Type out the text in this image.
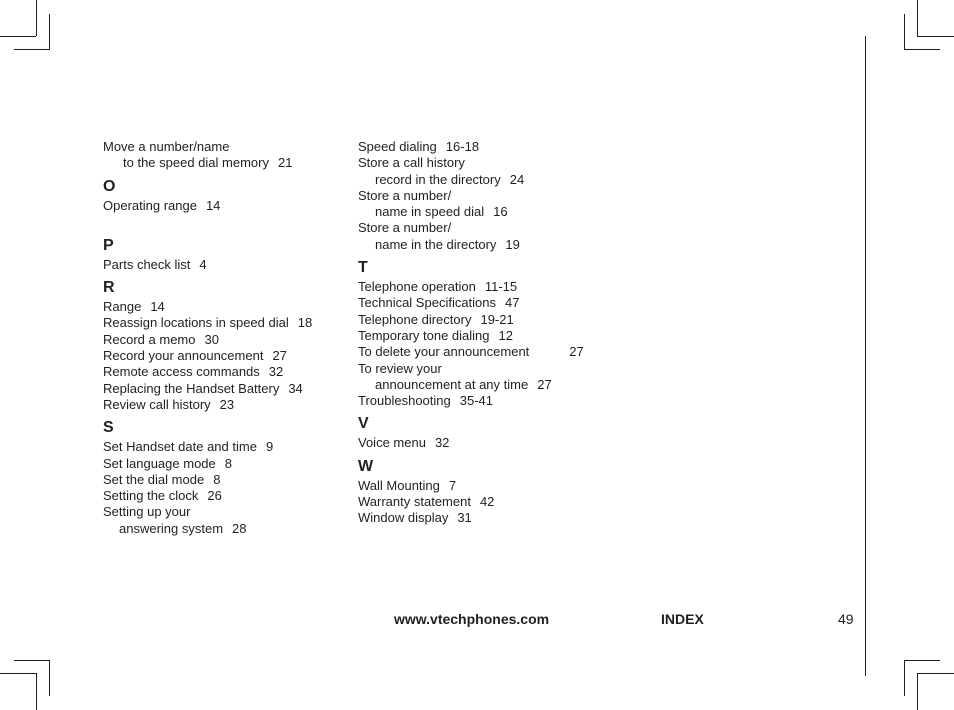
Move a number/name
to the speed dial memory 21
O
Operating range 14
P
Parts check list 4
R
Range 14
Reassign locations in speed dial 18
Record a memo 30
Record your announcement 27
Remote access commands 32
Replacing the Handset Battery 34
Review call history 23
S
Set Handset date and time 9
Set language mode 8
Set the dial mode 8
Setting the clock 26
Setting up your
answering system 28
Speed dialing 16-18
Store a call history
record in the directory 24
Store a number/
name in speed dial 16
Store a number/
name in the directory 19
T
Telephone operation 11-15
Technical Specifications 47
Telephone directory 19-21
Temporary tone dialing 12
To delete your announcement	27
To review your
announcement at any time 27
Troubleshooting 35-41
V
Voice menu 32
W
Wall Mounting 7
Warranty statement 42
Window display 31
www.vtechphones.com	INDEX	49
